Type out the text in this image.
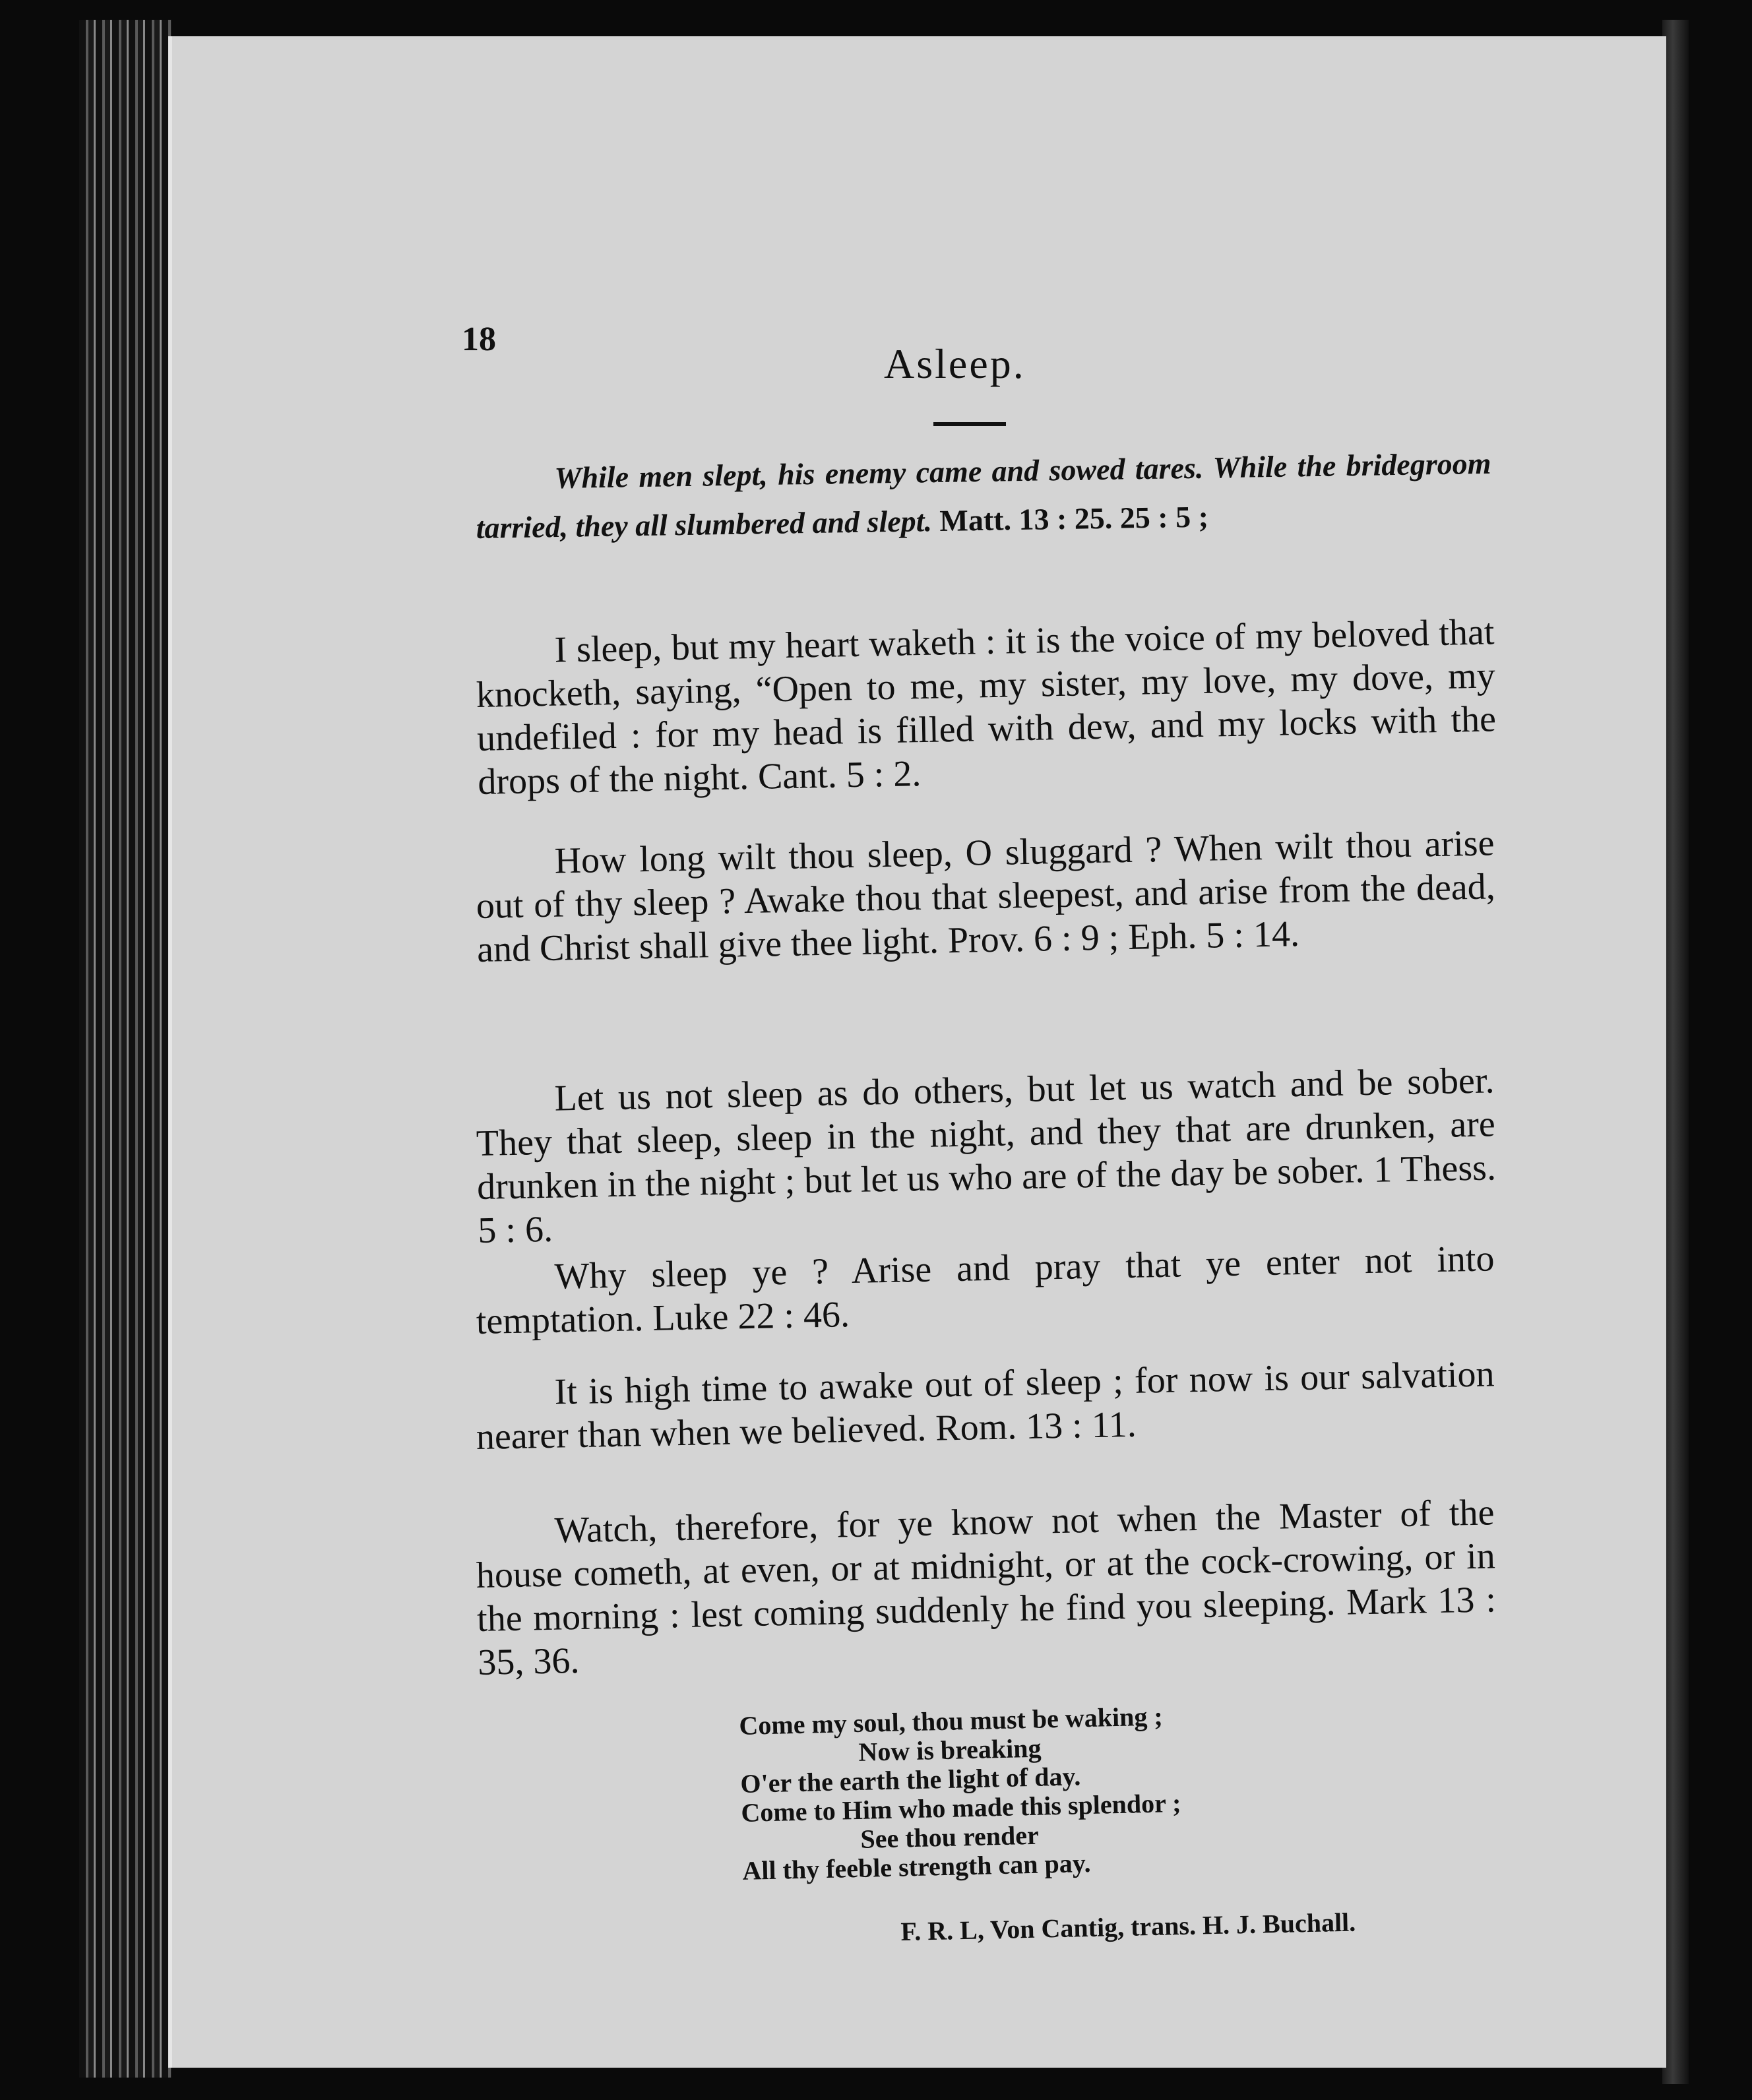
18
Asleep.
While men slept, his enemy came and sowed tares. While the bridegroom tarried, they all slumbered and slept. Matt. 13 : 25. 25 : 5 ;
I sleep, but my heart waketh : it is the voice of my beloved that knocketh, saying, “Open to me, my sister, my love, my dove, my undefiled : for my head is filled with dew, and my locks with the drops of the night. Cant. 5 : 2.
How long wilt thou sleep, O sluggard ? When wilt thou arise out of thy sleep ? Awake thou that sleepest, and arise from the dead, and Christ shall give thee light. Prov. 6 : 9 ; Eph. 5 : 14.
Let us not sleep as do others, but let us watch and be sober. They that sleep, sleep in the night, and they that are drunken, are drunken in the night ; but let us who are of the day be sober. 1 Thess. 5 : 6.
Why sleep ye ? Arise and pray that ye enter not into temptation. Luke 22 : 46.
It is high time to awake out of sleep ; for now is our salvation nearer than when we believed. Rom. 13 : 11.
Watch, therefore, for ye know not when the Master of the house cometh, at even, or at midnight, or at the cock-crowing, or in the morning : lest coming suddenly he find you sleeping. Mark 13 : 35, 36.
Come my soul, thou must be waking ;
Now is breaking
O'er the earth the light of day.
Come to Him who made this splendor ;
See thou render
All thy feeble strength can pay.
F. R. L, Von Cantig, trans. H. J. Buchall.
